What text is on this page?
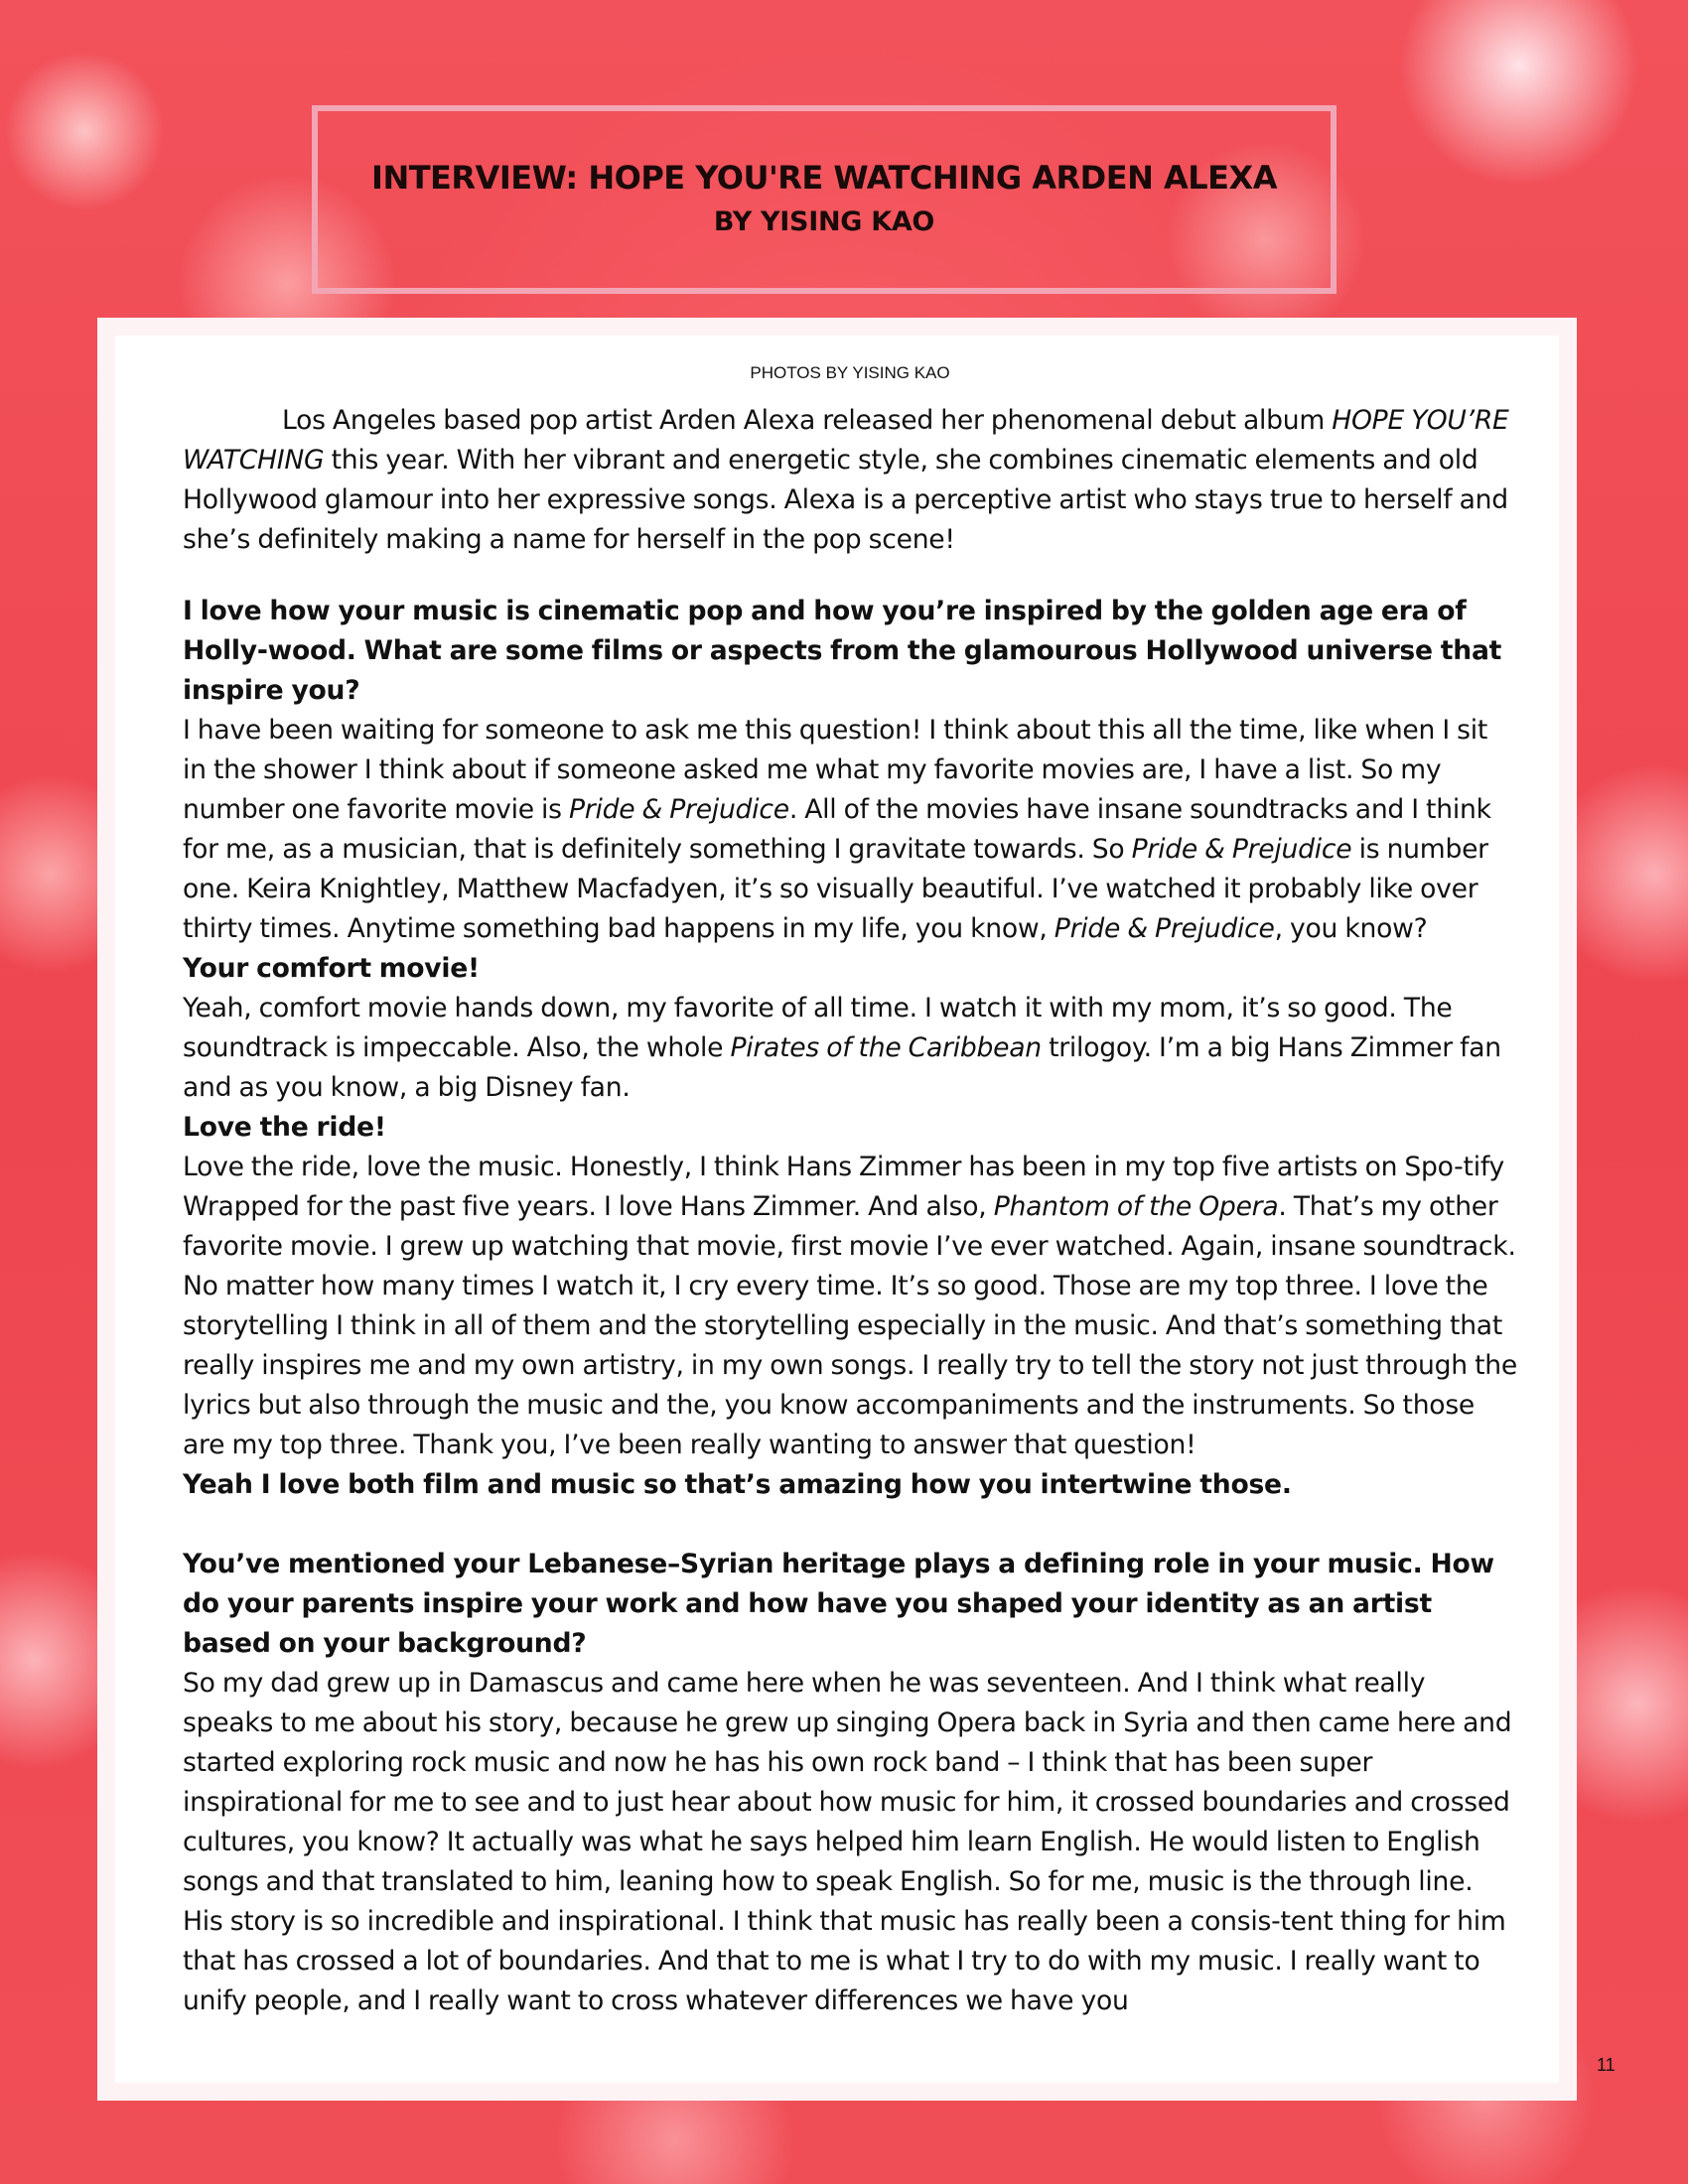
INTERVIEW: HOPE YOU'RE WATCHING ARDEN ALEXA
BY YISING KAO
PHOTOS BY YISING KAO

Los Angeles based pop artist Arden Alexa released her phenomenal debut album HOPE YOU’RE WATCHING this year. With her vibrant and energetic style, she combines cinematic elements and old Hollywood glamour into her expressive songs. Alexa is a perceptive artist who stays true to herself and she’s definitely making a name for herself in the pop scene!

I love how your music is cinematic pop and how you’re inspired by the golden age era of Holly-wood. What are some films or aspects from the glamourous Hollywood universe that inspire you?

I have been waiting for someone to ask me this question! I think about this all the time, like when I sit in the shower I think about if someone asked me what my favorite movies are, I have a list. So my number one favorite movie is Pride & Prejudice. All of the movies have insane soundtracks and I think for me, as a musician, that is definitely something I gravitate towards. So Pride & Prejudice is number one. Keira Knightley, Matthew Macfadyen, it’s so visually beautiful. I’ve watched it probably like over thirty times. Anytime something bad happens in my life, you know, Pride & Prejudice, you know?

Your comfort movie!

Yeah, comfort movie hands down, my favorite of all time. I watch it with my mom, it’s so good. The soundtrack is impeccable. Also, the whole Pirates of the Caribbean trilogoy. I’m a big Hans Zimmer fan and as you know, a big Disney fan.

Love the ride!

Love the ride, love the music. Honestly, I think Hans Zimmer has been in my top five artists on Spo-tify Wrapped for the past five years. I love Hans Zimmer. And also, Phantom of the Opera. That’s my other favorite movie. I grew up watching that movie, first movie I’ve ever watched. Again, insane soundtrack. No matter how many times I watch it, I cry every time. It’s so good. Those are my top three. I love the storytelling I think in all of them and the storytelling especially in the music. And that’s something that really inspires me and my own artistry, in my own songs. I really try to tell the story not just through the lyrics but also through the music and the, you know accompaniments and the instruments. So those are my top three. Thank you, I’ve been really wanting to answer that question!

Yeah I love both film and music so that’s amazing how you intertwine those.

You’ve mentioned your Lebanese–Syrian heritage plays a defining role in your music. How do your parents inspire your work and how have you shaped your identity as an artist based on your background?

So my dad grew up in Damascus and came here when he was seventeen. And I think what really speaks to me about his story, because he grew up singing Opera back in Syria and then came here and started exploring rock music and now he has his own rock band – I think that has been super inspirational for me to see and to just hear about how music for him, it crossed boundaries and crossed cultures, you know? It actually was what he says helped him learn English. He would listen to English songs and that translated to him, leaning how to speak English. So for me, music is the through line. His story is so incredible and inspirational. I think that music has really been a consis-tent thing for him that has crossed a lot of boundaries. And that to me is what I try to do with my music. I really want to unify people, and I really want to cross whatever differences we have you

11
